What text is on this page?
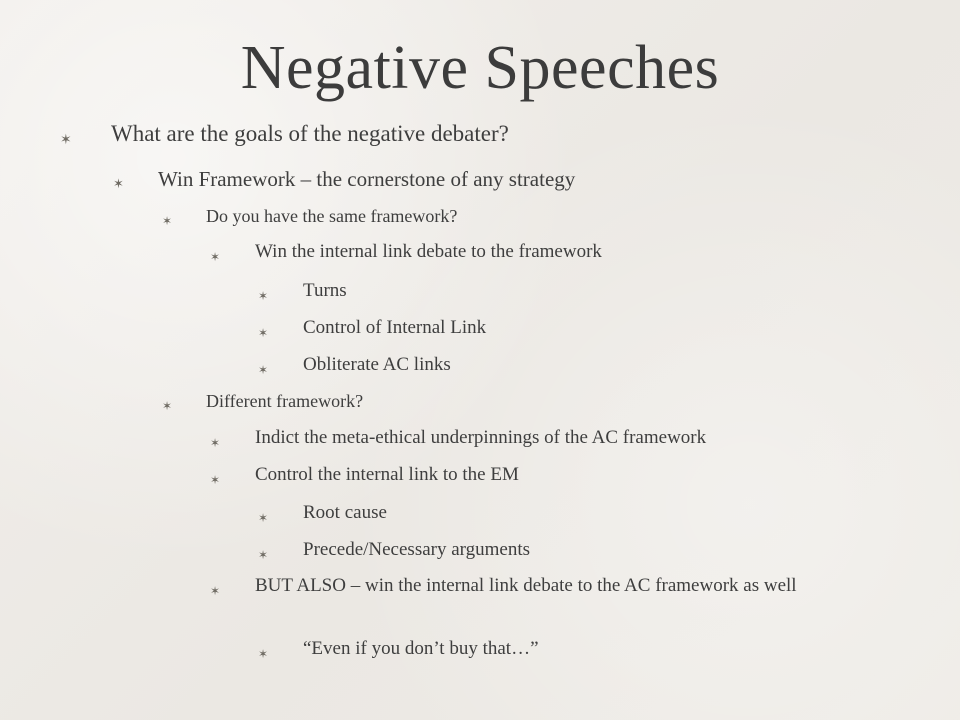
Negative Speeches
✶ What are the goals of the negative debater?
✶ Win Framework – the cornerstone of any strategy
✶ Do you have the same framework?
✶ Win the internal link debate to the framework
✶ Turns
✶ Control of Internal Link
✶ Obliterate AC links
✶ Different framework?
✶ Indict the meta-ethical underpinnings of the AC framework
✶ Control the internal link to the EM
✶ Root cause
✶ Precede/Necessary arguments
✶ BUT ALSO – win the internal link debate to the AC framework as well
✶ “Even if you don’t buy that…”
